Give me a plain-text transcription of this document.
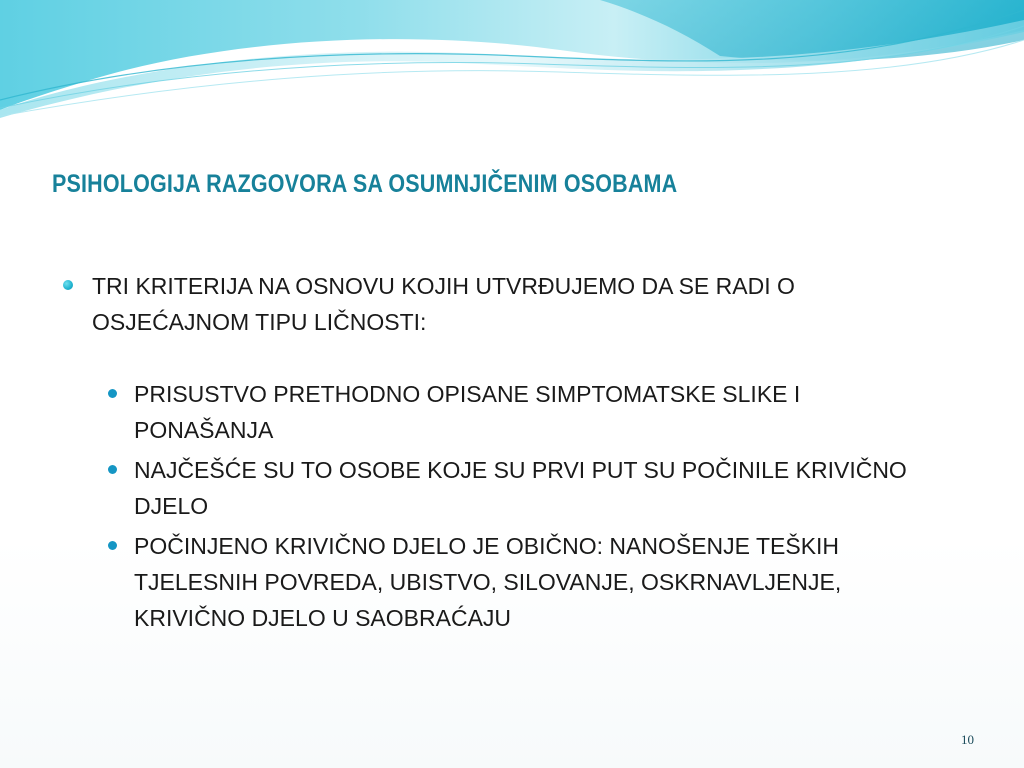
PSIHOLOGIJA RAZGOVORA SA OSUMNJIČENIM OSOBAMA
TRI KRITERIJA NA OSNOVU KOJIH UTVRĐUJEMO DA SE RADI O OSJEĆAJNOM TIPU LIČNOSTI:
PRISUSTVO PRETHODNO OPISANE SIMPTOMATSKE SLIKE I PONAŠANJA
NAJČEŠĆE SU TO OSOBE KOJE SU PRVI PUT SU POČINILE KRIVIČNO DJELO
POČINJENO KRIVIČNO DJELO JE OBIČNO: NANOŠENJE TEŠKIH TJELESNIH POVREDA, UBISTVO, SILOVANJE, OSKRNAVLJENJE, KRIVIČNO DJELO U SAOBRAĆAJU
10
